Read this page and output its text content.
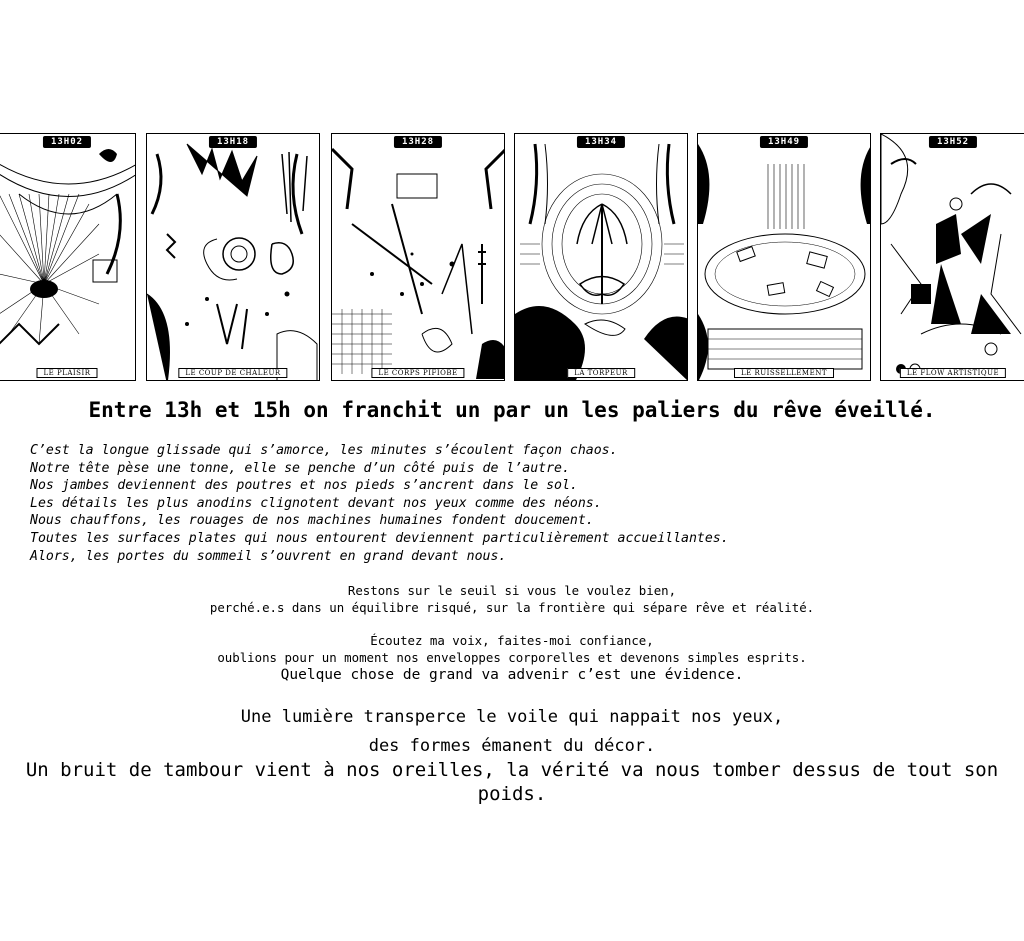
13H02
LE PLAISIR
13H18
LE COUP DE CHALEUR
13H28
LE CORPS PIFIOBÉ
13H34
LA TORPEUR
13H49
LE RUISSELLEMENT
13H52
LE FLOW ARTISTIQUE
Entre 13h et 15h on franchit un par un les paliers du rêve éveillé.
C’est la longue glissade qui s’amorce, les minutes s’écoulent façon chaos.
Notre tête pèse une tonne, elle se penche d’un côté puis de l’autre.
Nos jambes deviennent des poutres et nos pieds s’ancrent dans le sol.
Les détails les plus anodins clignotent devant nos yeux comme des néons.
Nous chauffons, les rouages de nos machines humaines fondent doucement.
Toutes les surfaces plates qui nous entourent deviennent particulièrement accueillantes.
Alors, les portes du sommeil s’ouvrent en grand devant nous.
Restons sur le seuil si vous le voulez bien,
perché.e.s dans un équilibre risqué, sur la frontière qui sépare rêve et réalité.
Écoutez ma voix, faites-moi confiance,
oublions pour un moment nos enveloppes corporelles et devenons simples esprits.
Quelque chose de grand va advenir c’est une évidence.
Une lumière transperce le voile qui nappait nos yeux,
des formes émanent du décor.
Un bruit de tambour vient à nos oreilles, la vérité va nous tomber dessus de tout son poids.
